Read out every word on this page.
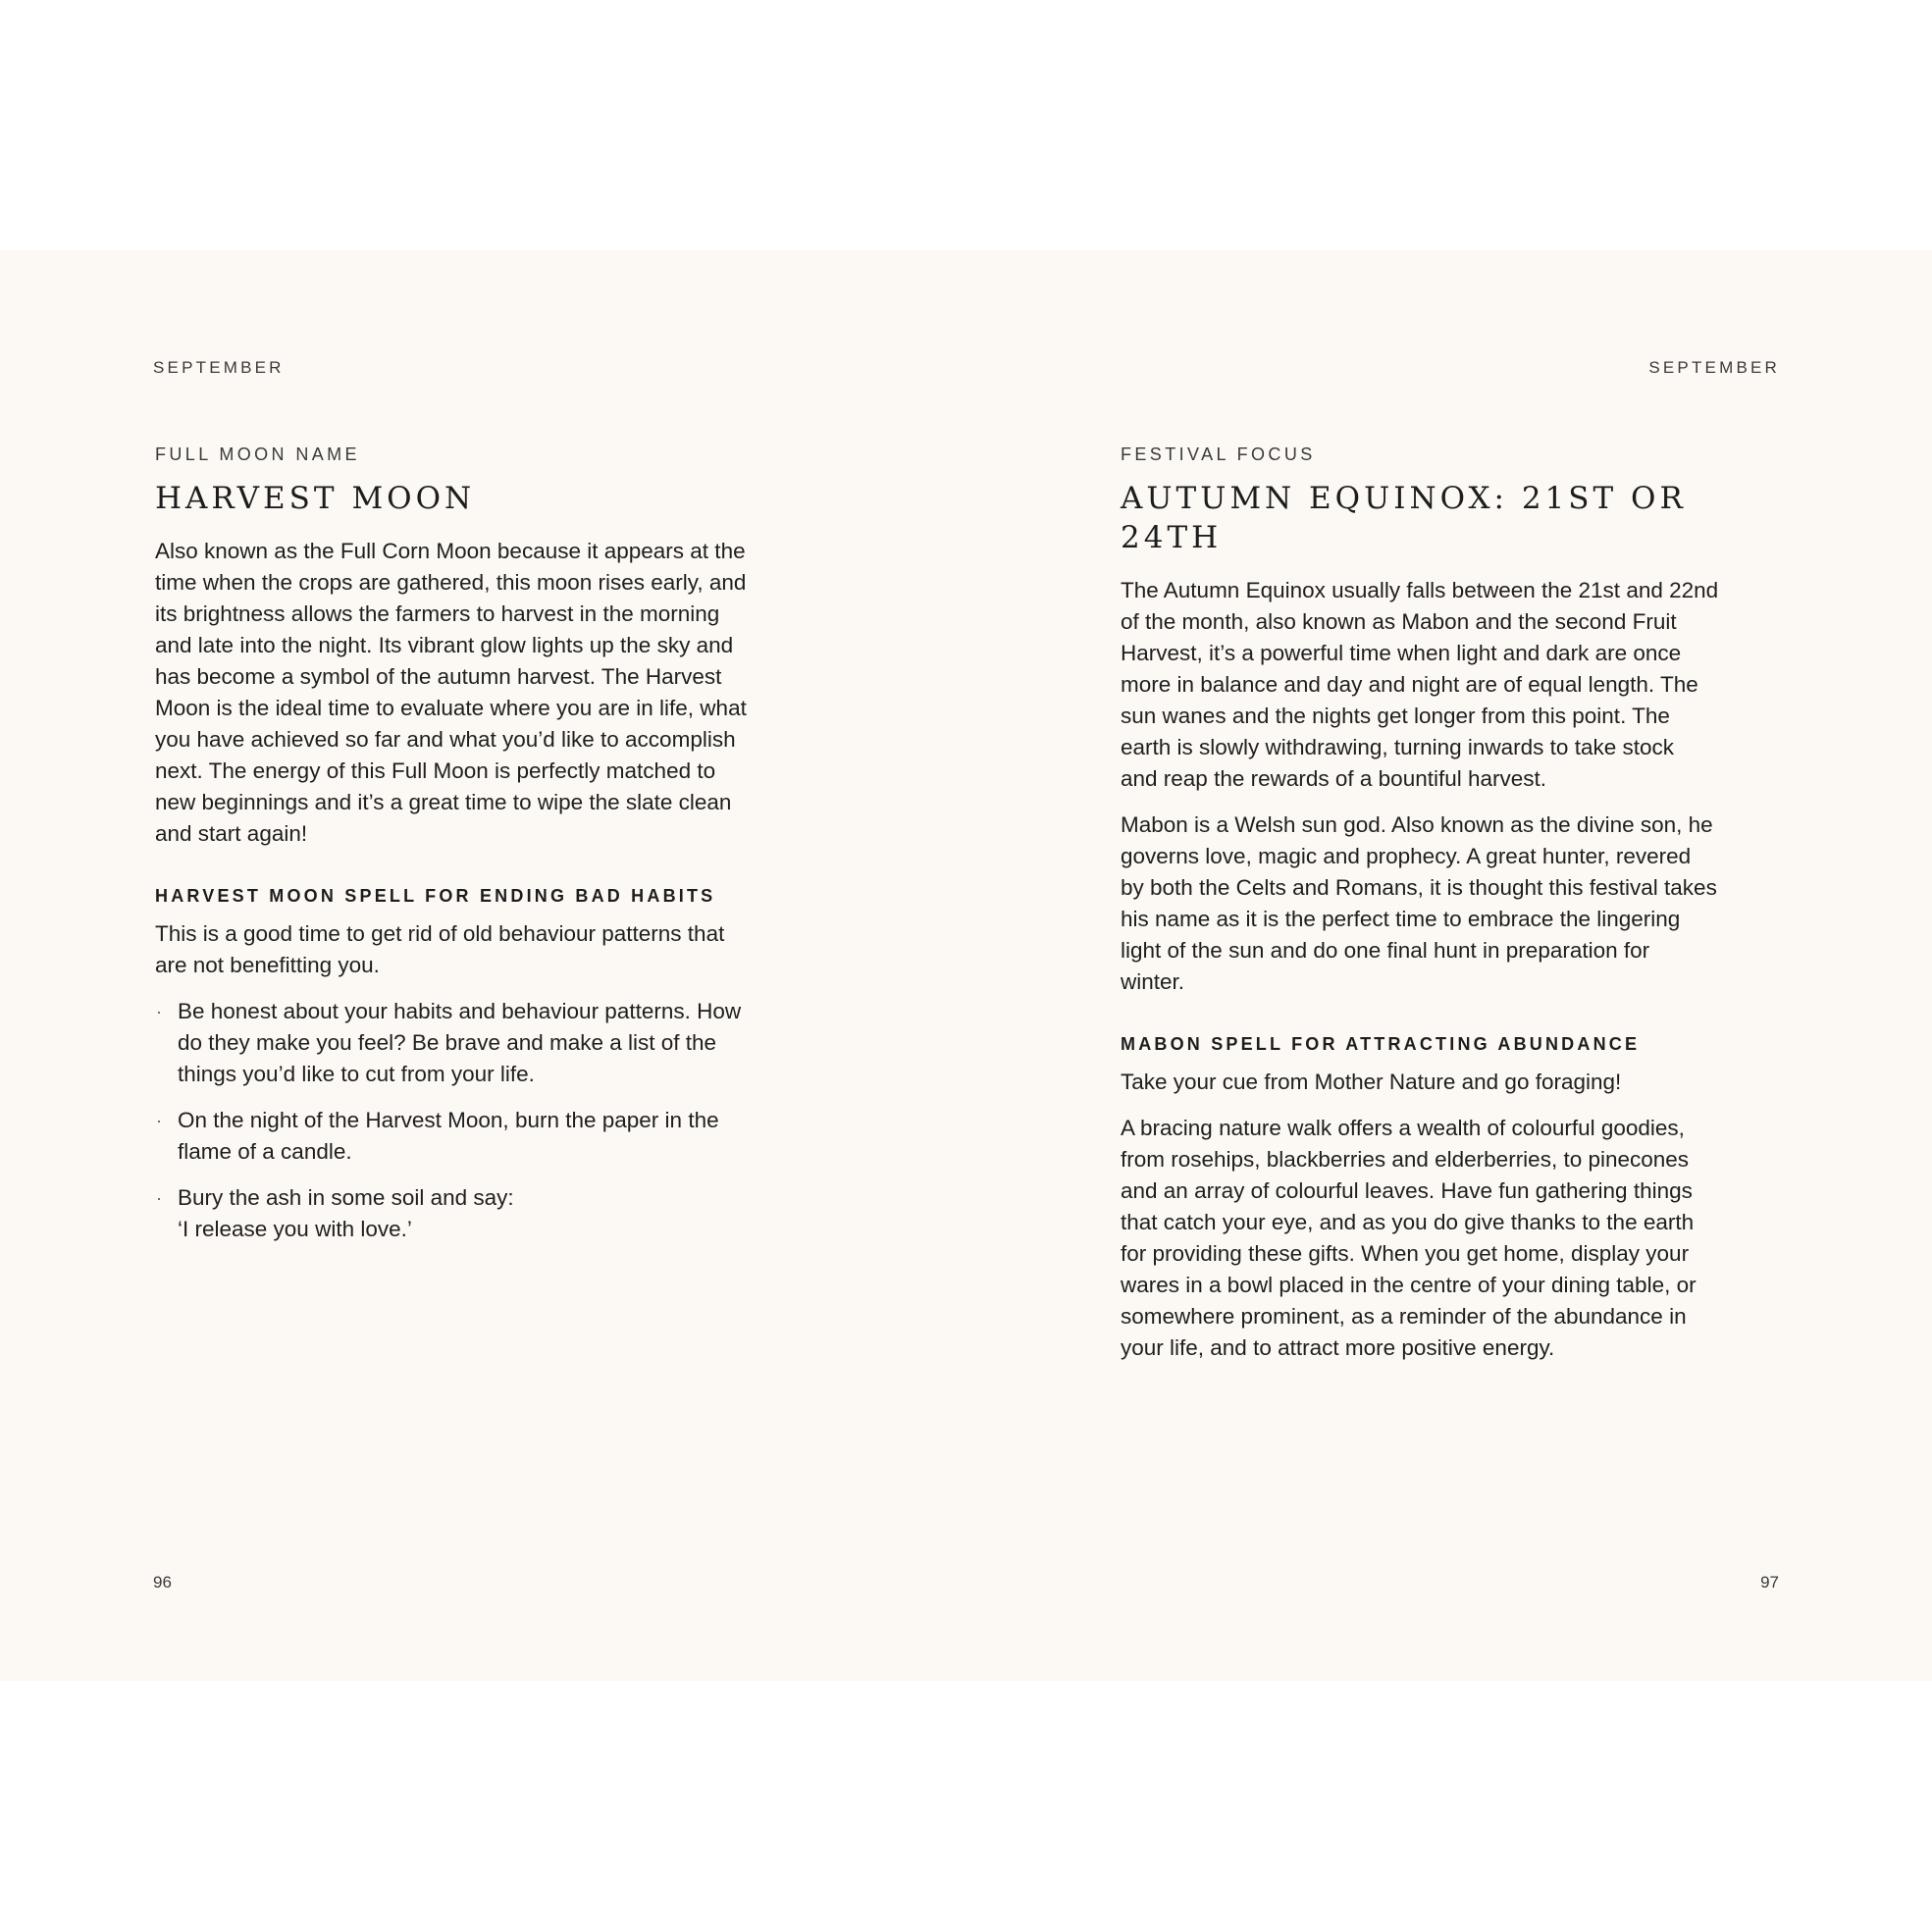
SEPTEMBER
FULL MOON NAME
HARVEST MOON

Also known as the Full Corn Moon because it appears at the
time when the crops are gathered, this moon rises early, and
its brightness allows the farmers to harvest in the morning
and late into the night. Its vibrant glow lights up the sky and
has become a symbol of the autumn harvest. The Harvest
Moon is the ideal time to evaluate where you are in life, what
you have achieved so far and what you’d like to accomplish
next. The energy of this Full Moon is perfectly matched to
new beginnings and it’s a great time to wipe the slate clean
and start again!

HARVEST MOON SPELL FOR ENDING BAD HABITS

This is a good time to get rid of old behaviour patterns that
are not benefitting you.

· Be honest about your habits and behaviour patterns. How
do they make you feel? Be brave and make a list of the
things you’d like to cut from your life.
· On the night of the Harvest Moon, burn the paper in the
flame of a candle.
· Bury the ash in some soil and say:
‘I release you with love.’
96
SEPTEMBER
FESTIVAL FOCUS
AUTUMN EQUINOX: 21ST OR 24TH

The Autumn Equinox usually falls between the 21st and 22nd
of the month, also known as Mabon and the second Fruit
Harvest, it’s a powerful time when light and dark are once
more in balance and day and night are of equal length. The
sun wanes and the nights get longer from this point. The
earth is slowly withdrawing, turning inwards to take stock
and reap the rewards of a bountiful harvest.

Mabon is a Welsh sun god. Also known as the divine son, he
governs love, magic and prophecy. A great hunter, revered
by both the Celts and Romans, it is thought this festival takes
his name as it is the perfect time to embrace the lingering
light of the sun and do one final hunt in preparation for
winter.

MABON SPELL FOR ATTRACTING ABUNDANCE

Take your cue from Mother Nature and go foraging!

A bracing nature walk offers a wealth of colourful goodies,
from rosehips, blackberries and elderberries, to pinecones
and an array of colourful leaves. Have fun gathering things
that catch your eye, and as you do give thanks to the earth
for providing these gifts. When you get home, display your
wares in a bowl placed in the centre of your dining table, or
somewhere prominent, as a reminder of the abundance in
your life, and to attract more positive energy.

97
